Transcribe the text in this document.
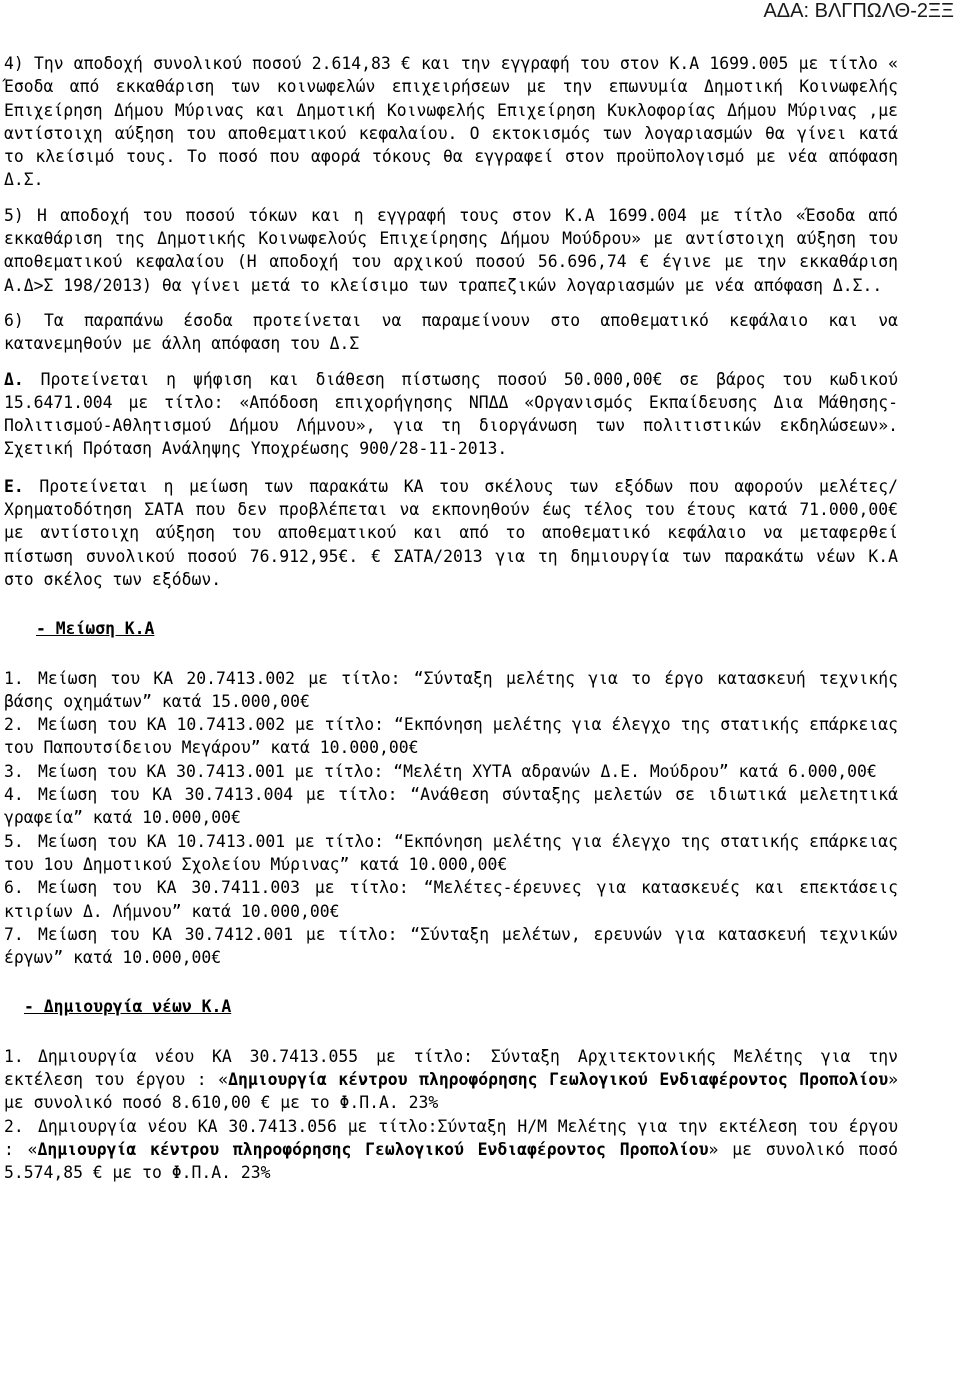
ΑΔΑ: ΒΛΓΠΩΛΘ-2ΞΞ

4) Την αποδοχή συνολικού ποσού 2.614,83 € και την εγγραφή του στον Κ.Α 1699.005 με τίτλο « Έσοδα από εκκαθάριση των κοινωφελών επιχειρήσεων με την επωνυμία Δημοτική Κοινωφελής Επιχείρηση Δήμου Μύρινας και Δημοτική Κοινωφελής Επιχείρηση Κυκλοφορίας Δήμου Μύρινας ,με αντίστοιχη αύξηση του αποθεματικού κεφαλαίου. Ο εκτοκισμός των λογαριασμών θα γίνει κατά το κλείσιμό τους. Το ποσό που αφορά τόκους θα εγγραφεί στον προϋπολογισμό με νέα απόφαση Δ.Σ.

5) Η αποδοχή του ποσού τόκων και η εγγραφή τους στον Κ.Α 1699.004 με τίτλο «Έσοδα από εκκαθάριση της Δημοτικής Κοινωφελούς Επιχείρησης Δήμου Μούδρου» με αντίστοιχη αύξηση του αποθεματικού κεφαλαίου (Η αποδοχή του αρχικού ποσού 56.696,74 € έγινε με την εκκαθάριση Α.Δ>Σ 198/2013) θα γίνει μετά το κλείσιμο των τραπεζικών λογαριασμών με νέα απόφαση Δ.Σ..

6) Τα παραπάνω έσοδα προτείνεται να παραμείνουν στο αποθεματικό κεφάλαιο και να κατανεμηθούν με άλλη απόφαση του Δ.Σ

Δ. Προτείνεται η ψήφιση και διάθεση πίστωσης ποσού 50.000,00€ σε βάρος του κωδικού 15.6471.004 με τίτλο: «Απόδοση επιχορήγησης ΝΠΔΔ «Οργανισμός Εκπαίδευσης Δια Μάθησης-Πολιτισμού-Αθλητισμού Δήμου Λήμνου», για τη διοργάνωση των πολιτιστικών εκδηλώσεων». Σχετική Πρόταση Ανάληψης Υποχρέωσης 900/28-11-2013.

Ε. Προτείνεται η μείωση των παρακάτω ΚΑ του σκέλους των εξόδων που αφορούν μελέτες/Χρηματοδότηση ΣΑΤΑ που δεν προβλέπεται να εκπονηθούν έως τέλος του έτους κατά 71.000,00€ με αντίστοιχη αύξηση του αποθεματικού και από το αποθεματικό κεφάλαιο να μεταφερθεί πίστωση συνολικού ποσού 76.912,95€. € ΣΑΤΑ/2013 για τη δημιουργία των παρακάτω νέων Κ.Α στο σκέλος των εξόδων.

- Μείωση Κ.Α

1. Μείωση του ΚΑ 20.7413.002 με τίτλο: “Σύνταξη μελέτης για το έργο κατασκευή τεχνικής βάσης οχημάτων” κατά 15.000,00€

2. Μείωση του ΚΑ 10.7413.002 με τίτλο: “Εκπόνηση μελέτης για έλεγχο της στατικής επάρκειας του Παπουτσίδειου Μεγάρου” κατά 10.000,00€

3. Μείωση του ΚΑ 30.7413.001 με τίτλο: “Μελέτη ΧΥΤΑ αδρανών Δ.Ε. Μούδρου” κατά 6.000,00€

4. Μείωση του ΚΑ 30.7413.004 με τίτλο: “Ανάθεση σύνταξης μελετών σε ιδιωτικά μελετητικά γραφεία” κατά 10.000,00€

5. Μείωση του ΚΑ 10.7413.001 με τίτλο: “Εκπόνηση μελέτης για έλεγχο της στατικής επάρκειας του 1ου Δημοτικού Σχολείου Μύρινας” κατά 10.000,00€

6. Μείωση του ΚΑ 30.7411.003 με τίτλο: “Μελέτες-έρευνες για κατασκευές και επεκτάσεις κτιρίων Δ. Λήμνου” κατά 10.000,00€

7. Μείωση του ΚΑ 30.7412.001 με τίτλο: “Σύνταξη μελέτων, ερευνών για κατασκευή τεχνικών έργων” κατά 10.000,00€

- Δημιουργία νέων Κ.Α

1. Δημιουργία νέου ΚΑ 30.7413.055 με τίτλο: Σύνταξη Αρχιτεκτονικής Μελέτης για την εκτέλεση του έργου : «Δημιουργία κέντρου πληροφόρησης Γεωλογικού Ενδιαφέροντος Προπολίου» με συνολικό ποσό 8.610,00 € με το Φ.Π.Α. 23%

2. Δημιουργία νέου ΚΑ 30.7413.056 με τίτλο:Σύνταξη Η/Μ Μελέτης για την εκτέλεση του έργου : «Δημιουργία κέντρου πληροφόρησης Γεωλογικού Ενδιαφέροντος Προπολίου» με συνολικό ποσό 5.574,85 € με το Φ.Π.Α. 23%
